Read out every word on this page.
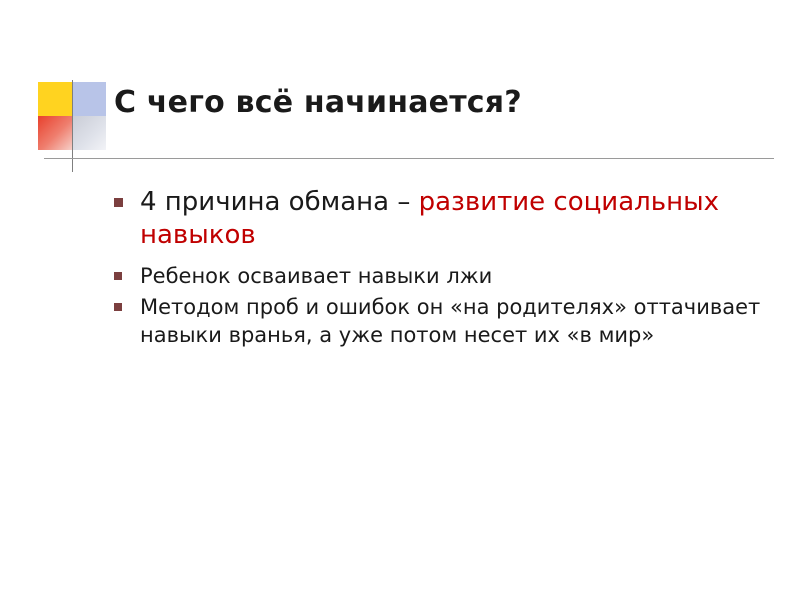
С чего всё начинается?
4 причина обмана – развитие социальных навыков
Ребенок осваивает навыки лжи
Методом проб и ошибок он «на родителях» оттачивает навыки вранья, а уже потом несет их «в мир»
